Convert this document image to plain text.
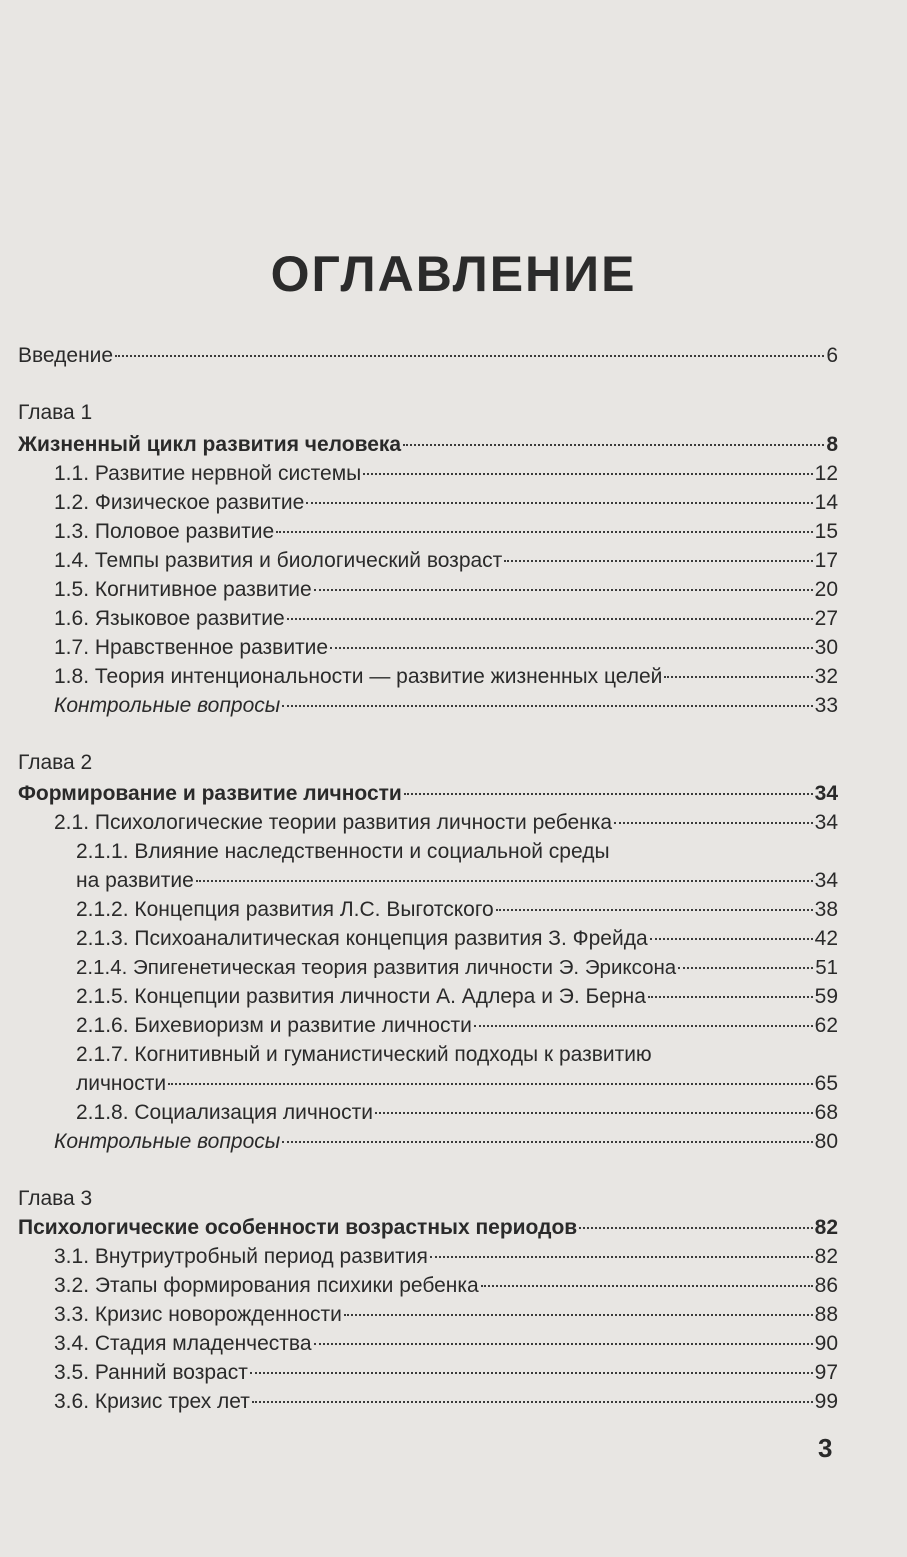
ОГЛАВЛЕНИЕ
Введение	6
Глава 1
Жизненный цикл развития человека	8
1.1. Развитие нервной системы	12
1.2. Физическое развитие	14
1.3. Половое развитие	15
1.4. Темпы развития и биологический возраст	17
1.5. Когнитивное развитие	20
1.6. Языковое развитие	27
1.7. Нравственное развитие	30
1.8. Теория интенциональности — развитие жизненных целей	32
Контрольные вопросы	33
Глава 2
Формирование и развитие личности	34
2.1. Психологические теории развития личности ребенка	34
2.1.1. Влияние наследственности и социальной среды
на развитие	34
2.1.2. Концепция развития Л.С. Выготского	38
2.1.3. Психоаналитическая концепция развития З. Фрейда	42
2.1.4. Эпигенетическая теория развития личности Э. Эриксона	51
2.1.5. Концепции развития личности А. Адлера и Э. Берна	59
2.1.6. Бихевиоризм и развитие личности	62
2.1.7. Когнитивный и гуманистический подходы к развитию
личности	65
2.1.8. Социализация личности	68
Контрольные вопросы	80
Глава 3
Психологические особенности возрастных периодов	82
3.1. Внутриутробный период развития	82
3.2. Этапы формирования психики ребенка	86
3.3. Кризис новорожденности	88
3.4. Стадия младенчества	90
3.5. Ранний возраст	97
3.6. Кризис трех лет	99
3
